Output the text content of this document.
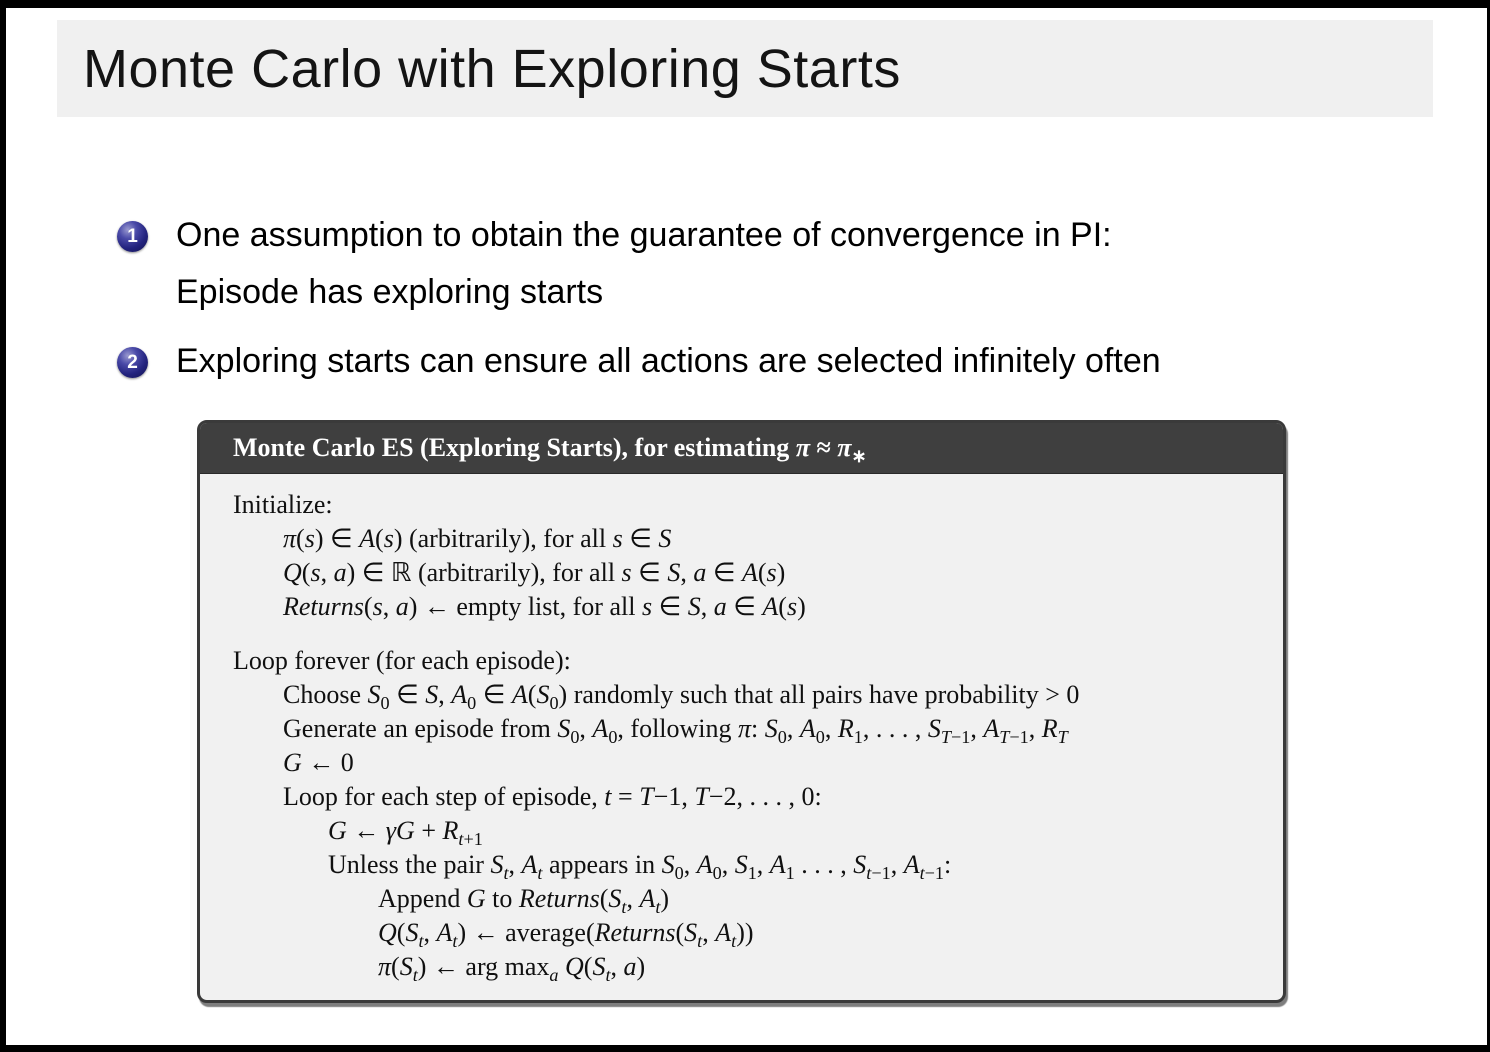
Monte Carlo with Exploring Starts
1	One assumption to obtain the guarantee of convergence in PI:
Episode has exploring starts
2	Exploring starts can ensure all actions are selected infinitely often
Monte Carlo ES (Exploring Starts), for estimating $\pi \approx \pi_∗$
Initialize:
π(s) ∈ A(s) (arbitrarily), for all s ∈ S
Q(s, a) ∈ ℝ (arbitrarily), for all s ∈ S, a ∈ A(s)
Returns(s, a) ← empty list, for all s ∈ S, a ∈ A(s)
Loop forever (for each episode):
Choose $S_0$ ∈ S, $A_0$ ∈ $A(S_0)$ randomly such that all pairs have probability > 0
Generate an episode from $S_0$, $A_0$, following π: $S_0$, $A_0$, $R_1$, . . . , $S_{T-1}$, $A_{T-1}$, $R_T$
G ← 0
Loop for each step of episode, t = T−1, T−2, . . . , 0:
G ← $\gamma G + R_{t+1}$
Unless the pair $S_t$, $A_t$ appears in $S_0$, $A_0$, $S_1$, $A_1$ . . . , $S_{t-1}$, $A_{t-1}$:
Append G to $Returns(S_t$, $A_t$)
$Q(S_t$, $A_t$) ← $average(Returns(S_t$, $A_t$))
$\pi(S_t)$ ← arg $\max_a Q(S_t$, a)
